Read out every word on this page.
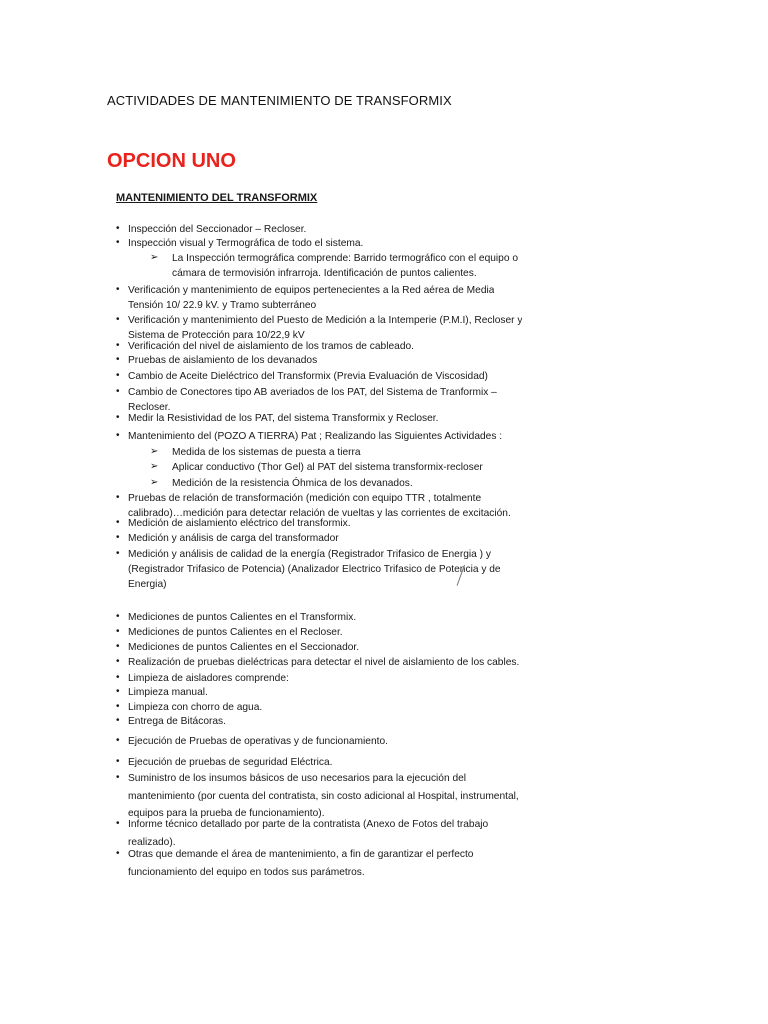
ACTIVIDADES DE MANTENIMIENTO DE TRANSFORMIX
OPCION UNO
MANTENIMIENTO DEL TRANSFORMIX
• Inspección del Seccionador – Recloser.
• Inspección visual y Termográfica de todo el sistema.
➢ La Inspección termográfica comprende: Barrido termográfico con el equipo o
cámara de termovisión infrarroja. Identificación de puntos calientes.
• Verificación y mantenimiento de equipos pertenecientes a la Red aérea de Media
Tensión 10/ 22.9 kV. y Tramo subterráneo
• Verificación y mantenimiento del Puesto de Medición a la Intemperie (P.M.I), Recloser y
Sistema de Protección para 10/22,9 kV
• Verificación del nivel de aislamiento de los tramos de cableado.
• Pruebas de aislamiento de los devanados
• Cambio de Aceite Dieléctrico del Transformix (Previa Evaluación de Viscosidad)
• Cambio de Conectores tipo AB averiados de los PAT, del Sistema de Tranformix –
Recloser.
• Medir la Resistividad de los PAT, del sistema Transformix y Recloser.
• Mantenimiento del (POZO A TIERRA) Pat ; Realizando las Siguientes Actividades :
➢ Medida de los sistemas de puesta a tierra
➢ Aplicar conductivo (Thor Gel) al PAT del sistema transformix-recloser
➢ Medición de la resistencia Óhmica de los devanados.
• Pruebas de relación de transformación (medición con equipo TTR , totalmente
calibrado)…medición para detectar relación de vueltas y las corrientes de excitación.
• Medición de aislamiento eléctrico del transformix.
• Medición y análisis de carga del transformador
• Medición y análisis de calidad de la energía (Registrador Trifasico de Energia ) y
(Registrador Trifasico de Potencia) (Analizador Electrico Trifasico de Potencia y de
Energia)
• Mediciones de puntos Calientes en el Transformix.
• Mediciones de puntos Calientes en el Recloser.
• Mediciones de puntos Calientes en el Seccionador.
• Realización de pruebas dieléctricas para detectar el nivel de aislamiento de los cables.
• Limpieza de aisladores comprende:
• Limpieza manual.
• Limpieza con chorro de agua.
• Entrega de Bitácoras.
• Ejecución de Pruebas de operativas y de funcionamiento.
• Ejecución de pruebas de seguridad Eléctrica.
• Suministro de los insumos básicos de uso necesarios para la ejecución del
mantenimiento (por cuenta del contratista, sin costo adicional al Hospital, instrumental,
equipos para la prueba de funcionamiento).
• Informe técnico detallado por parte de la contratista (Anexo de Fotos del trabajo
realizado).
• Otras que demande el área de mantenimiento, a fin de garantizar el perfecto
funcionamiento del equipo en todos sus parámetros.
